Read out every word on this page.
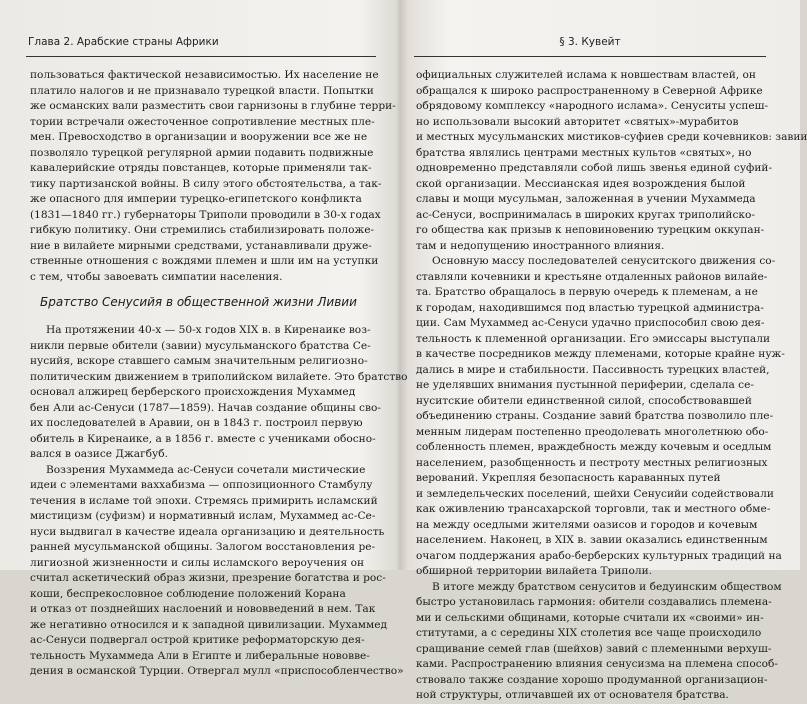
Глава 2. Арабские страны Африки
пользоваться фактической независимостью. Их население не
платило налогов и не признавало турецкой власти. Попытки
же османских вали разместить свои гарнизоны в глубине терри-
тории встречали ожесточенное сопротивление местных пле-
мен. Превосходство в организации и вооружении все же не
позволяло турецкой регулярной армии подавить подвижные
кавалерийские отряды повстанцев, которые применяли так-
тику партизанской войны. В силу этого обстоятельства, а так-
же опасного для империи турецко-египетского конфликта
(1831—1840 гг.) губернаторы Триполи проводили в 30-х годах
гибкую политику. Они стремились стабилизировать положе-
ние в вилайете мирными средствами, устанавливали друже-
ственные отношения с вождями племен и шли им на уступки
с тем, чтобы завоевать симпатии населения.
Братство Сенусийя в общественной жизни Ливии
На протяжении 40-х — 50-х годов XIX в. в Киренаике воз-
никли первые обители (завии) мусульманского братства Се-
нусийя, вскоре ставшего самым значительным религиозно-
политическим движением в триполийском вилайете. Это братство
основал алжирец берберского происхождения Мухаммед
бен Али ас-Сенуси (1787—1859). Начав создание общины сво-
их последователей в Аравии, он в 1843 г. построил первую
обитель в Киренаике, а в 1856 г. вместе с учениками обосно-
вался в оазисе Джагбуб.
Воззрения Мухаммеда ас-Сенуси сочетали мистические
идеи с элементами ваххабизма — оппозиционного Стамбулу
течения в исламе той эпохи. Стремясь примирить исламский
мистицизм (суфизм) и нормативный ислам, Мухаммед ас-Се-
нуси выдвигал в качестве идеала организацию и деятельность
ранней мусульманской общины. Залогом восстановления ре-
лигиозной жизненности и силы исламского вероучения он
считал аскетический образ жизни, презрение богатства и рос-
коши, беспрекословное соблюдение положений Корана
и отказ от позднейших наслоений и нововведений в нем. Так
же негативно относился и к западной цивилизации. Мухаммед
ас-Сенуси подвергал острой критике реформаторскую дея-
тельность Мухаммеда Али в Египте и либеральные нововве-
дения в османской Турции. Отвергал мулл «приспособленчество»
§ 3. Кувейт
официальных служителей ислама к новшествам властей, он
обращался к широко распространенному в Северной Африке
обрядовому комплексу «народного ислама». Сенуситы успеш-
но использовали высокий авторитет «святых»-мурабитов
и местных мусульманских мистиков-суфиев среди кочевников: завии
братства являлись центрами местных культов «святых», но
одновременно представляли собой лишь звенья единой суфий-
ской организации. Мессианская идея возрождения былой
славы и мощи мусульман, заложенная в учении Мухаммеда
ас-Сенуси, воспринималась в широких кругах триполийско-
го общества как призыв к неповиновению турецким оккупан-
там и недопущению иностранного влияния.
Основную массу последователей сенуситского движения со-
ставляли кочевники и крестьяне отдаленных районов вилайе-
та. Братство обращалось в первую очередь к племенам, а не
к городам, находившимся под властью турецкой администра-
ции. Сам Мухаммед ас-Сенуси удачно приспособил свою дея-
тельность к племенной организации. Его эмиссары выступали
в качестве посредников между племенами, которые крайне нуж-
дались в мире и стабильности. Пассивность турецких властей,
не уделявших внимания пустынной периферии, сделала се-
нуситские обители единственной силой, способствовавшей
объединению страны. Создание завий братства позволило пле-
менным лидерам постепенно преодолевать многолетнюю обо-
собленность племен, враждебность между кочевым и оседлым
населением, разобщенность и пестроту местных религиозных
верований. Укрепляя безопасность караванных путей
и земледельческих поселений, шейхи Сенусийи содействовали
как оживлению трансахарской торговли, так и местного обме-
на между оседлыми жителями оазисов и городов и кочевым
населением. Наконец, в XIX в. завии оказались единственным
очагом поддержания арабо-берберских культурных традиций на
обширной территории вилайета Триполи.
В итоге между братством сенуситов и бедуинским обществом
быстро установилась гармония: обители создавались племена-
ми и сельскими общинами, которые считали их «своими» ин-
ститутами, а с середины XIX столетия все чаще происходило
сращивание семей глав (шейхов) завий с племенными верхуш-
ками. Распространению влияния сенусизма на племена способ-
ствовало также создание хорошо продуманной организацион-
ной структуры, отличавшей их от основателя братства.
